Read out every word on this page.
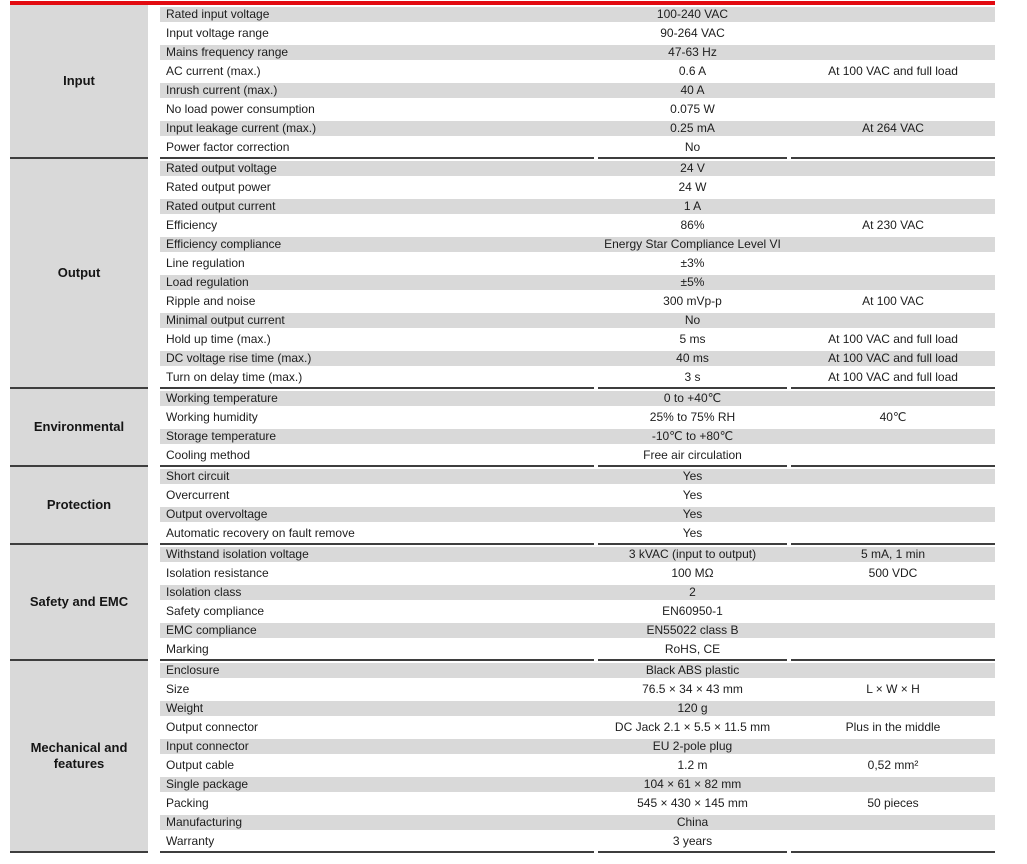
Input
Rated input voltage	100-240 VAC
Input voltage range	90-264 VAC
Mains frequency range	47-63 Hz
AC current (max.)	0.6 A	At 100 VAC and full load
Inrush current (max.)	40 A
No load power consumption	0.075 W
Input leakage current (max.)	0.25 mA	At 264 VAC
Power factor correction	No
Output
Rated output voltage	24 V
Rated output power	24 W
Rated output current	1 A
Efficiency	86%	At 230 VAC
Efficiency compliance	Energy Star Compliance Level VI
Line regulation	±3%
Load regulation	±5%
Ripple and noise	300 mVp-p	At 100 VAC
Minimal output current	No
Hold up time (max.)	5 ms	At 100 VAC and full load
DC voltage rise time (max.)	40 ms	At 100 VAC and full load
Turn on delay time (max.)	3 s	At 100 VAC and full load
Environmental
Working temperature	0 to +40℃
Working humidity	25% to 75% RH	40℃
Storage temperature	-10℃ to +80℃
Cooling method	Free air circulation
Protection
Short circuit	Yes
Overcurrent	Yes
Output overvoltage	Yes
Automatic recovery on fault remove	Yes
Safety and EMC
Withstand isolation voltage	3 kVAC (input to output)	5 mA, 1 min
Isolation resistance	100 MΩ	500 VDC
Isolation class	2
Safety compliance	EN60950-1
EMC compliance	EN55022 class B
Marking	RoHS, CE
Mechanical and features
Enclosure	Black ABS plastic
Size	76.5 × 34 × 43 mm	L × W × H
Weight	120 g
Output connector	DC Jack 2.1 × 5.5 × 11.5 mm	Plus in the middle
Input connector	EU 2-pole plug
Output cable	1.2 m	0,52 mm²
Single package	104 × 61 × 82 mm
Packing	545 × 430 × 145 mm	50 pieces
Manufacturing	China
Warranty	3 years
